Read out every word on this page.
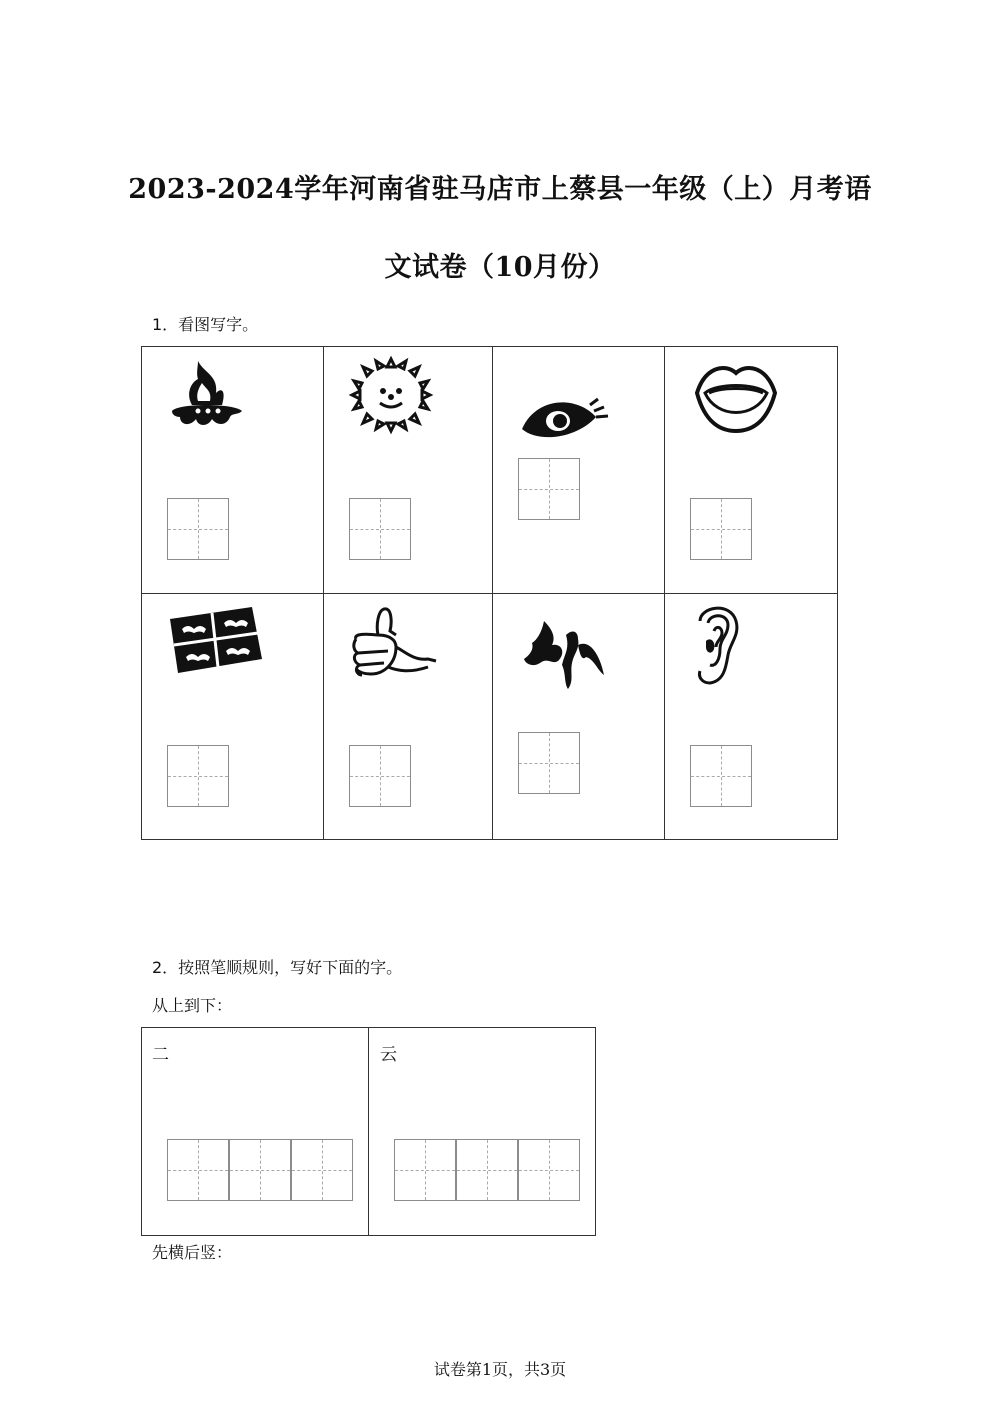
2023-2024学年河南省驻马店市上蔡县一年级（上）月考语
文试卷（10月份）
1．看图写字。
2．按照笔顺规则，写好下面的字。
从上到下：
二	云
先横后竖：
试卷第1页，共3页
